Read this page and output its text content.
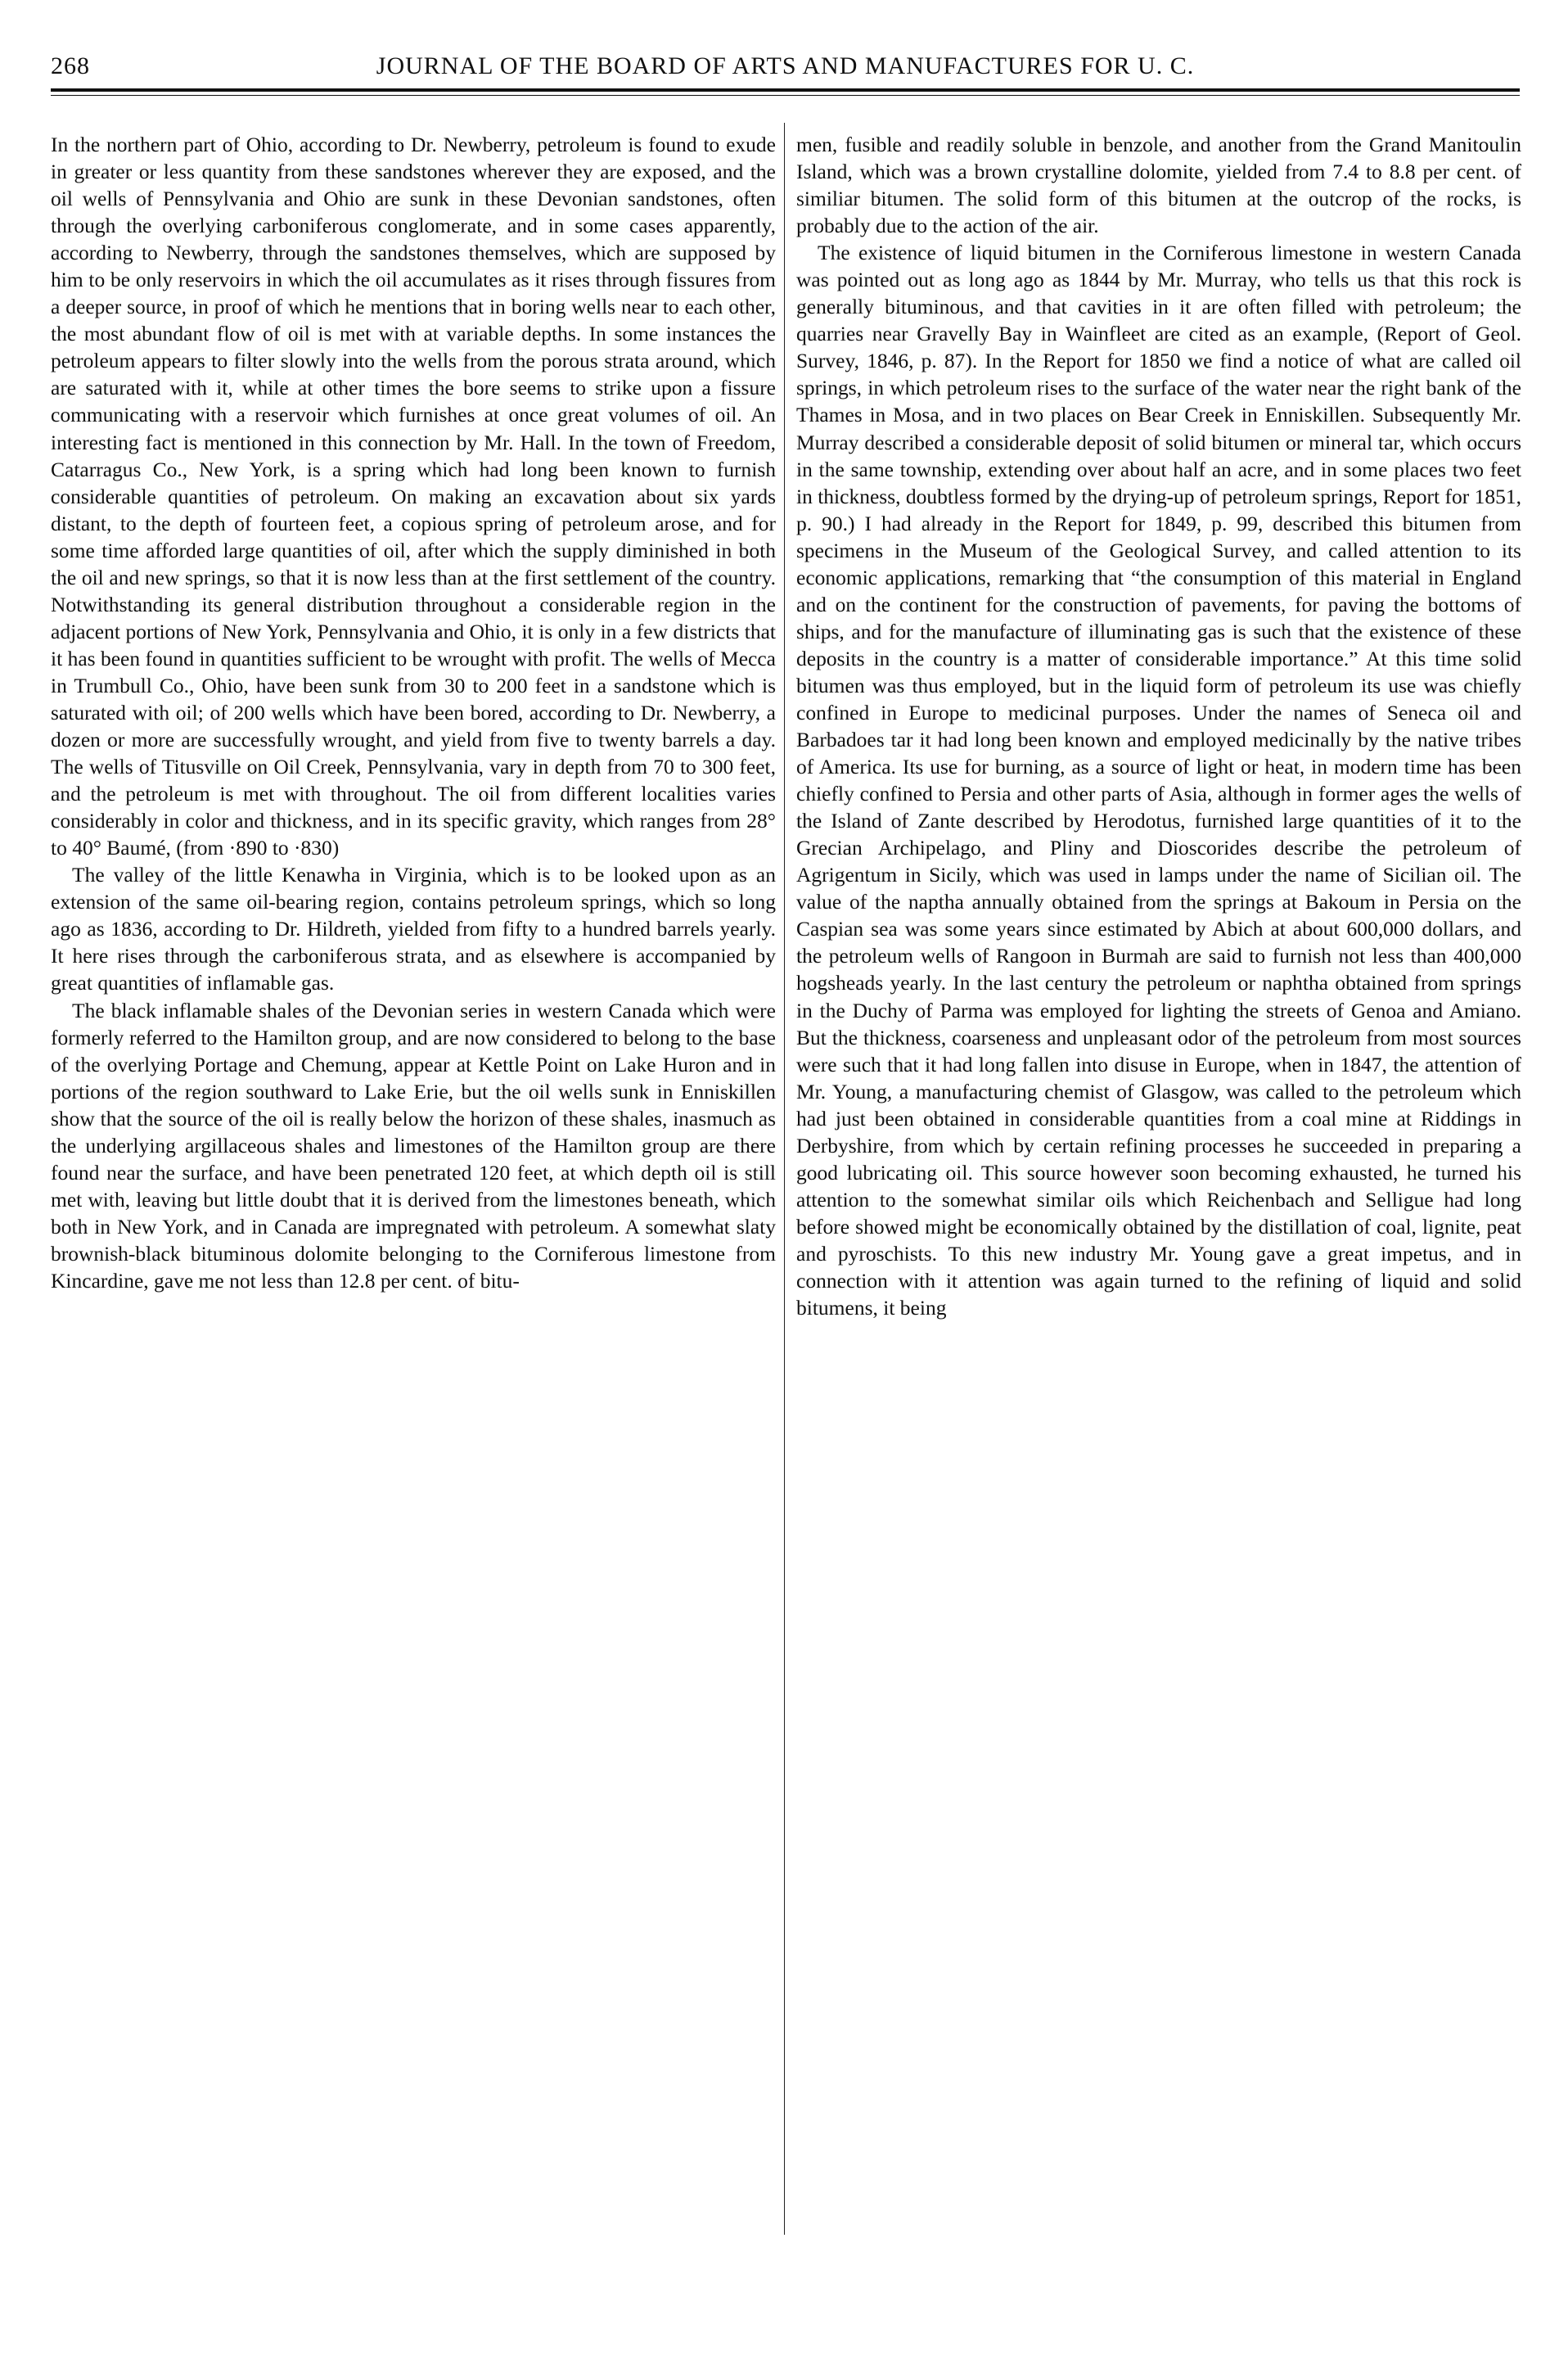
268	JOURNAL OF THE BOARD OF ARTS AND MANUFACTURES FOR U. C.

In the northern part of Ohio, according to Dr. Newberry, petroleum is found to exude in greater or less quantity from these sandstones wherever they are exposed, and the oil wells of Pennsylvania and Ohio are sunk in these Devonian sandstones, often through the overlying carboniferous conglomerate, and in some cases apparently, according to Newberry, through the sandstones themselves, which are supposed by him to be only reservoirs in which the oil accumulates as it rises through fissures from a deeper source, in proof of which he mentions that in boring wells near to each other, the most abundant flow of oil is met with at variable depths. In some instances the petroleum appears to filter slowly into the wells from the porous strata around, which are saturated with it, while at other times the bore seems to strike upon a fissure communicating with a reservoir which furnishes at once great volumes of oil. An interesting fact is mentioned in this connection by Mr. Hall. In the town of Freedom, Catarragus Co., New York, is a spring which had long been known to furnish considerable quantities of petroleum. On making an excavation about six yards distant, to the depth of fourteen feet, a copious spring of petroleum arose, and for some time afforded large quantities of oil, after which the supply diminished in both the oil and new springs, so that it is now less than at the first settlement of the country. Notwithstanding its general distribution throughout a considerable region in the adjacent portions of New York, Pennsylvania and Ohio, it is only in a few districts that it has been found in quantities sufficient to be wrought with profit. The wells of Mecca in Trumbull Co., Ohio, have been sunk from 30 to 200 feet in a sandstone which is saturated with oil; of 200 wells which have been bored, according to Dr. Newberry, a dozen or more are successfully wrought, and yield from five to twenty barrels a day. The wells of Titusville on Oil Creek, Pennsylvania, vary in depth from 70 to 300 feet, and the petroleum is met with throughout. The oil from different localities varies considerably in color and thickness, and in its specific gravity, which ranges from 28° to 40° Baumé, (from ·890 to ·830)

The valley of the little Kenawha in Virginia, which is to be looked upon as an extension of the same oil-bearing region, contains petroleum springs, which so long ago as 1836, according to Dr. Hildreth, yielded from fifty to a hundred barrels yearly. It here rises through the carboniferous strata, and as elsewhere is accompanied by great quantities of inflamable gas.

The black inflamable shales of the Devonian series in western Canada which were formerly referred to the Hamilton group, and are now considered to belong to the base of the overlying Portage and Chemung, appear at Kettle Point on Lake Huron and in portions of the region southward to Lake Erie, but the oil wells sunk in Enniskillen show that the source of the oil is really below the horizon of these shales, inasmuch as the underlying argillaceous shales and limestones of the Hamilton group are there found near the surface, and have been penetrated 120 feet, at which depth oil is still met with, leaving but little doubt that it is derived from the limestones beneath, which both in New York, and in Canada are impregnated with petroleum. A somewhat slaty brownish-black bituminous dolomite belonging to the Corniferous limestone from Kincardine, gave me not less than 12.8 per cent. of bitu-

men, fusible and readily soluble in benzole, and another from the Grand Manitoulin Island, which was a brown crystalline dolomite, yielded from 7.4 to 8.8 per cent. of similiar bitumen. The solid form of this bitumen at the outcrop of the rocks, is probably due to the action of the air.

The existence of liquid bitumen in the Corniferous limestone in western Canada was pointed out as long ago as 1844 by Mr. Murray, who tells us that this rock is generally bituminous, and that cavities in it are often filled with petroleum; the quarries near Gravelly Bay in Wainfleet are cited as an example, (Report of Geol. Survey, 1846, p. 87). In the Report for 1850 we find a notice of what are called oil springs, in which petroleum rises to the surface of the water near the right bank of the Thames in Mosa, and in two places on Bear Creek in Enniskillen. Subsequently Mr. Murray described a considerable deposit of solid bitumen or mineral tar, which occurs in the same township, extending over about half an acre, and in some places two feet in thickness, doubtless formed by the drying-up of petroleum springs, Report for 1851, p. 90.) I had already in the Report for 1849, p. 99, described this bitumen from specimens in the Museum of the Geological Survey, and called attention to its economic applications, remarking that “the consumption of this material in England and on the continent for the construction of pavements, for paving the bottoms of ships, and for the manufacture of illuminating gas is such that the existence of these deposits in the country is a matter of considerable importance.” At this time solid bitumen was thus employed, but in the liquid form of petroleum its use was chiefly confined in Europe to medicinal purposes. Under the names of Seneca oil and Barbadoes tar it had long been known and employed medicinally by the native tribes of America. Its use for burning, as a source of light or heat, in modern time has been chiefly confined to Persia and other parts of Asia, although in former ages the wells of the Island of Zante described by Herodotus, furnished large quantities of it to the Grecian Archipelago, and Pliny and Dioscorides describe the petroleum of Agrigentum in Sicily, which was used in lamps under the name of Sicilian oil. The value of the naptha annually obtained from the springs at Bakoum in Persia on the Caspian sea was some years since estimated by Abich at about 600,000 dollars, and the petroleum wells of Rangoon in Burmah are said to furnish not less than 400,000 hogsheads yearly. In the last century the petroleum or naphtha obtained from springs in the Duchy of Parma was employed for lighting the streets of Genoa and Amiano. But the thickness, coarseness and unpleasant odor of the petroleum from most sources were such that it had long fallen into disuse in Europe, when in 1847, the attention of Mr. Young, a manufacturing chemist of Glasgow, was called to the petroleum which had just been obtained in considerable quantities from a coal mine at Riddings in Derbyshire, from which by certain refining processes he succeeded in preparing a good lubricating oil. This source however soon becoming exhausted, he turned his attention to the somewhat similar oils which Reichenbach and Selligue had long before showed might be economically obtained by the distillation of coal, lignite, peat and pyroschists. To this new industry Mr. Young gave a great impetus, and in connection with it attention was again turned to the refining of liquid and solid bitumens, it being
